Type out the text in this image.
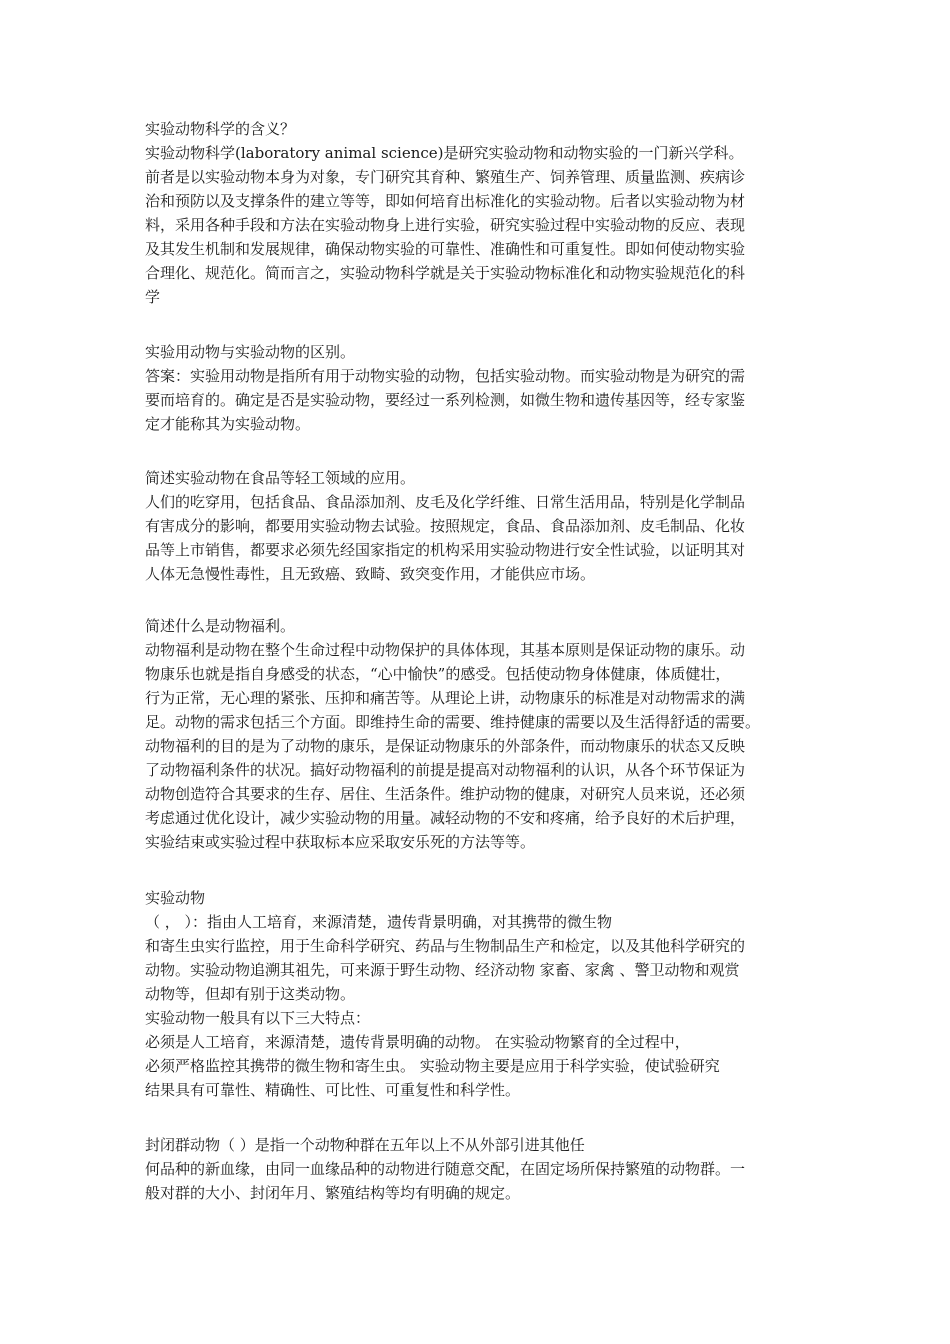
实验动物科学的含义？

实验动物科学(laboratory animal science)是研究实验动物和动物实验的一门新兴学科。

前者是以实验动物本身为对象，专门研究其育种、繁殖生产、饲养管理、质量监测、疾病诊

治和预防以及支撑条件的建立等等，即如何培育出标准化的实验动物。后者以实验动物为材

料，采用各种手段和方法在实验动物身上进行实验，研究实验过程中实验动物的反应、表现

及其发生机制和发展规律，确保动物实验的可靠性、准确性和可重复性。即如何使动物实验

合理化、规范化。简而言之，实验动物科学就是关于实验动物标准化和动物实验规范化的科

学

实验用动物与实验动物的区别。

答案：实验用动物是指所有用于动物实验的动物，包括实验动物。而实验动物是为研究的需

要而培育的。确定是否是实验动物，要经过一系列检测，如微生物和遗传基因等，经专家鉴

定才能称其为实验动物。

简述实验动物在食品等轻工领域的应用。

人们的吃穿用，包括食品、食品添加剂、皮毛及化学纤维、日常生活用品，特别是化学制品

有害成分的影响，都要用实验动物去试验。按照规定，食品、食品添加剂、皮毛制品、化妆

品等上市销售，都要求必须先经国家指定的机构采用实验动物进行安全性试验，以证明其对

人体无急慢性毒性，且无致癌、致畸、致突变作用，才能供应市场。

简述什么是动物福利。

动物福利是动物在整个生命过程中动物保护的具体体现，其基本原则是保证动物的康乐。动

物康乐也就是指自身感受的状态，“心中愉快”的感受。包括使动物身体健康，体质健壮，

行为正常，无心理的紧张、压抑和痛苦等。从理论上讲，动物康乐的标准是对动物需求的满

足。动物的需求包括三个方面。即维持生命的需要、维持健康的需要以及生活得舒适的需要。

动物福利的目的是为了动物的康乐，是保证动物康乐的外部条件，而动物康乐的状态又反映

了动物福利条件的状况。搞好动物福利的前提是提高对动物福利的认识，从各个环节保证为

动物创造符合其要求的生存、居住、生活条件。维护动物的健康，对研究人员来说，还必须

考虑通过优化设计，减少实验动物的用量。减轻动物的不安和疼痛，给予良好的术后护理，

实验结束或实验过程中获取标本应采取安乐死的方法等等。

实验动物

（ ， ）：指由人工培育，来源清楚，遗传背景明确，对其携带的微生物

和寄生虫实行监控，用于生命科学研究、药品与生物制品生产和检定，以及其他科学研究的

动物。实验动物追溯其祖先，可来源于野生动物、经济动物 家畜、家禽 、警卫动物和观赏

动物等，但却有别于这类动物。

实验动物一般具有以下三大特点：

必须是人工培育，来源清楚，遗传背景明确的动物。 在实验动物繁育的全过程中，

必须严格监控其携带的微生物和寄生虫。 实验动物主要是应用于科学实验，使试验研究

结果具有可靠性、精确性、可比性、可重复性和科学性。

封闭群动物（ ）是指一个动物种群在五年以上不从外部引进其他任

何品种的新血缘，由同一血缘品种的动物进行随意交配，在固定场所保持繁殖的动物群。一

般对群的大小、封闭年月、繁殖结构等均有明确的规定。
